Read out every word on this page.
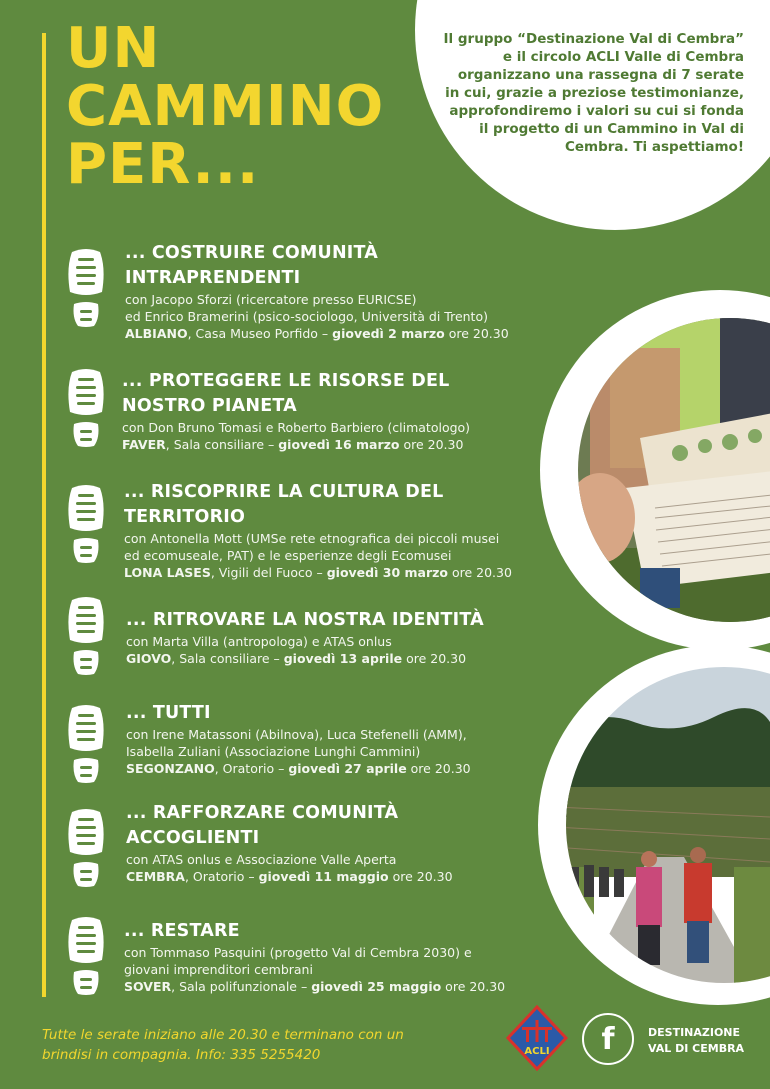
UN
CAMMINO
PER...

Il gruppo “Destinazione Val di Cembra” e il circolo ACLI Valle di Cembra organizzano una rassegna di 7 serate in cui, grazie a preziose testimonianze, approfondiremo i valori su cui si fonda il progetto di un Cammino in Val di Cembra. Ti aspettiamo!

... COSTRUIRE COMUNITÀ
INTRAPRENDENTI

con Jacopo Sforzi (ricercatore presso EURICSE)

ed Enrico Bramerini (psico-sociologo, Università di Trento)

ALBIANO, Casa Museo Porfido – giovedì 2 marzo ore 20.30

... PROTEGGERE LE RISORSE DEL
NOSTRO PIANETA

con Don Bruno Tomasi e Roberto Barbiero (climatologo)

FAVER, Sala consiliare – giovedì 16 marzo ore 20.30

... RISCOPRIRE LA CULTURA DEL
TERRITORIO

con Antonella Mott (UMSe rete etnografica dei piccoli musei

ed ecomuseale, PAT) e le esperienze degli Ecomusei

LONA LASES, Vigili del Fuoco – giovedì 30 marzo ore 20.30

... RITROVARE LA NOSTRA IDENTITÀ

con Marta Villa (antropologa) e ATAS onlus

GIOVO, Sala consiliare – giovedì 13 aprile ore 20.30

... TUTTI

con Irene Matassoni (Abilnova), Luca Stefenelli (AMM),

Isabella Zuliani (Associazione Lunghi Cammini)

SEGONZANO, Oratorio – giovedì 27 aprile ore 20.30

... RAFFORZARE COMUNITÀ
ACCOGLIENTI

con ATAS onlus e Associazione Valle Aperta

CEMBRA, Oratorio – giovedì 11 maggio ore 20.30

... RESTARE

con Tommaso Pasquini (progetto Val di Cembra 2030) e

giovani imprenditori cembrani

SOVER, Sala polifunzionale – giovedì 25 maggio ore 20.30

Tutte le serate iniziano alle 20.30 e terminano con un
brindisi in compagnia. Info: 335 5255420	ACLI	f	DESTINAZIONE
VAL DI CEMBRA
